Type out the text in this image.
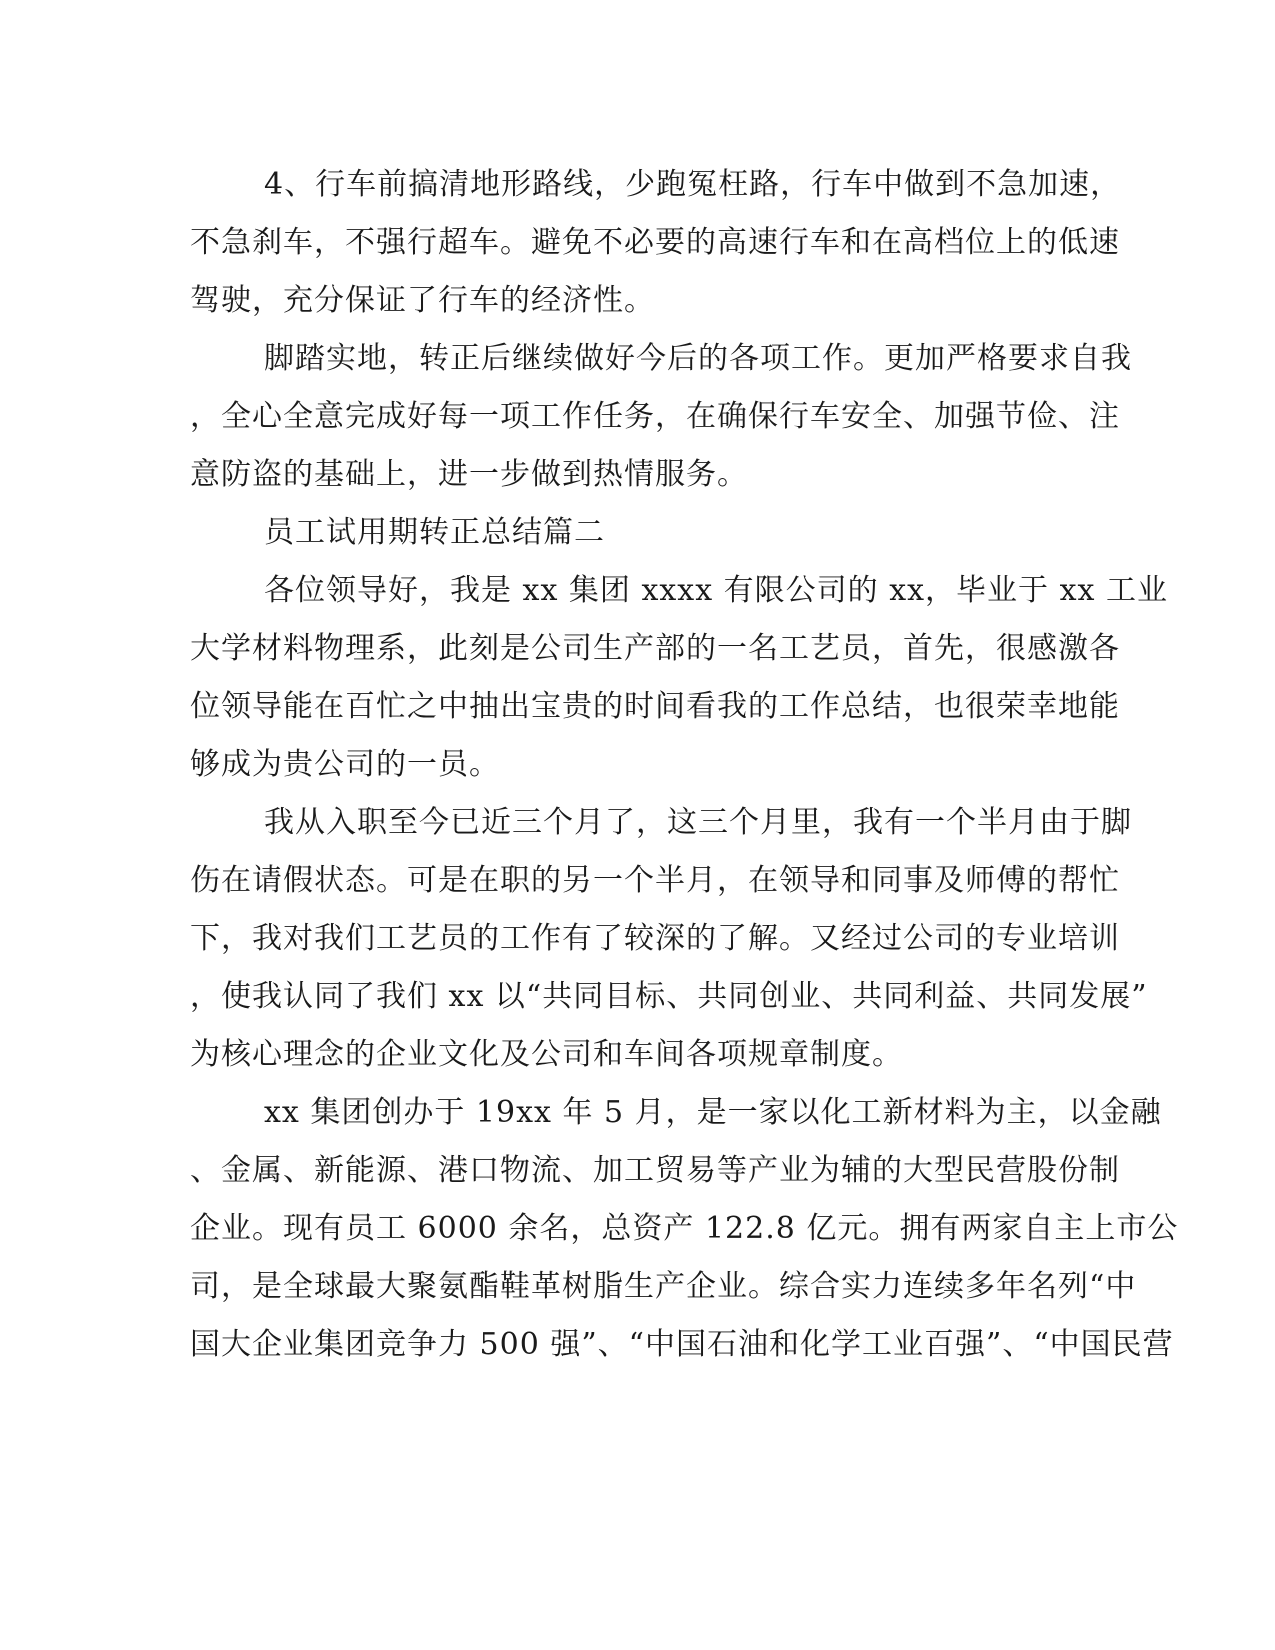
4、行车前搞清地形路线，少跑冤枉路，行车中做到不急加速，

不急刹车，不强行超车。避免不必要的高速行车和在高档位上的低速

驾驶，充分保证了行车的经济性。

脚踏实地，转正后继续做好今后的各项工作。更加严格要求自我

，全心全意完成好每一项工作任务，在确保行车安全、加强节俭、注

意防盗的基础上，进一步做到热情服务。

员工试用期转正总结篇二

各位领导好，我是 xx 集团 xxxx 有限公司的 xx，毕业于 xx 工业

大学材料物理系，此刻是公司生产部的一名工艺员，首先，很感激各

位领导能在百忙之中抽出宝贵的时间看我的工作总结，也很荣幸地能

够成为贵公司的一员。

我从入职至今已近三个月了，这三个月里，我有一个半月由于脚

伤在请假状态。可是在职的另一个半月，在领导和同事及师傅的帮忙

下，我对我们工艺员的工作有了较深的了解。又经过公司的专业培训

，使我认同了我们 xx 以“共同目标、共同创业、共同利益、共同发展”

为核心理念的企业文化及公司和车间各项规章制度。

xx 集团创办于 19xx 年 5 月，是一家以化工新材料为主，以金融

、金属、新能源、港口物流、加工贸易等产业为辅的大型民营股份制

企业。现有员工 6000 余名，总资产 122.8 亿元。拥有两家自主上市公

司，是全球最大聚氨酯鞋革树脂生产企业。综合实力连续多年名列“中

国大企业集团竞争力 500 强”、“中国石油和化学工业百强”、“中国民营
